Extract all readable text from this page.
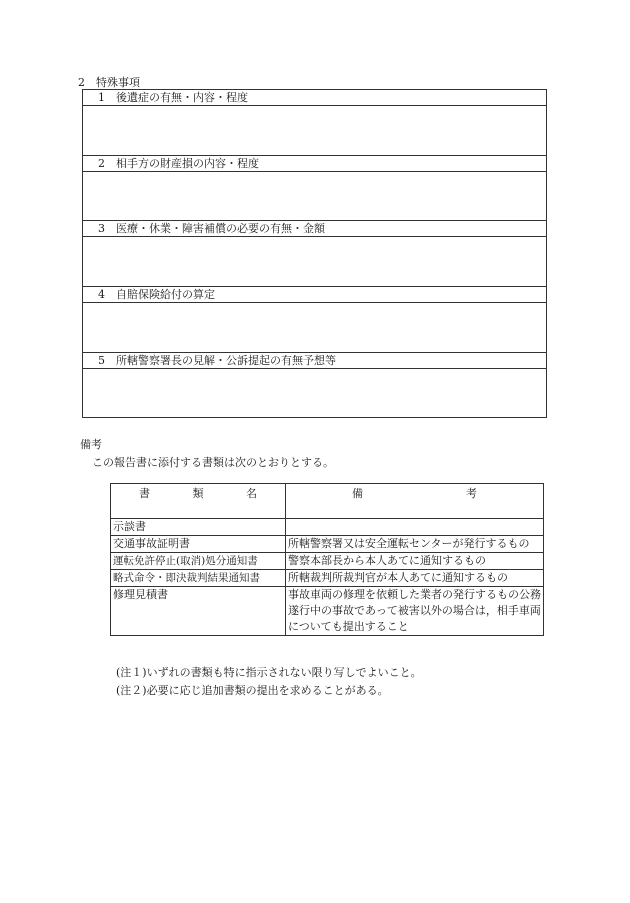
2　特殊事項
1　後遺症の有無・内容・程度
2　相手方の財産損の内容・程度
3　医療・休業・障害補償の必要の有無・金額
4　自賠保険給付の算定
5　所轄警察署長の見解・公訴提起の有無予想等
備考
この報告書に添付する書類は次のとおりとする。
書 類 名	備 考

示談書	
交通事故証明書	所轄警察署又は安全運転センターが発行するもの
運転免許停止(取消)処分通知書	警察本部長から本人あてに通知するもの
略式命令・即決裁判結果通知書	所轄裁判所裁判官が本人あてに通知するもの
修理見積書	事故車両の修理を依頼した業者の発行するもの公務遂行中の事故であって被害以外の場合は，相手車両についても提出すること
(注１)いずれの書類も特に指示されない限り写しでよいこと。
(注２)必要に応じ追加書類の提出を求めることがある。
